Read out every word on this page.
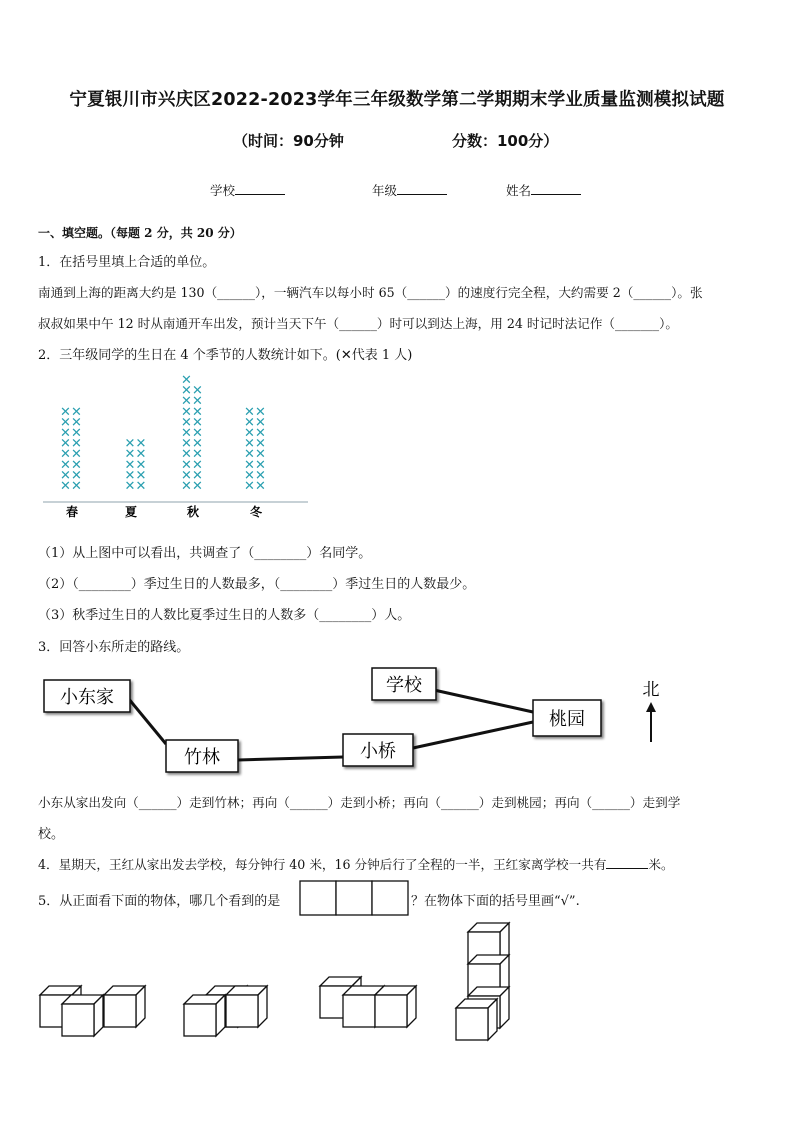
宁夏银川市兴庆区2022-2023学年三年级数学第二学期期末学业质量监测模拟试题
（时间：90分钟	分数：100分）
学校	年级	姓名
一、填空题。（每题 2 分，共 20 分）
1．在括号里填上合适的单位。
南通到上海的距离大约是 130（______），一辆汽车以每小时 65（______）的速度行完全程，大约需要 2（______）。张
叔叔如果中午 12 时从南通开车出发，预计当天下午（______）时可以到达上海，用 24 时记时法记作（_______）。
2．三年级同学的生日在 4 个季节的人数统计如下。(✕代表 1 人)
✕
✕
✕
✕
✕
✕
✕
✕
✕
✕
✕
✕
✕
✕
✕
✕
✕
✕
✕
✕
✕
✕
✕
✕
✕
✕
✕
✕
✕
✕
✕
✕
✕
✕
✕
✕
✕
✕
✕
✕
✕
✕
✕
✕
✕
✕
✕
✕
✕
✕
✕
✕
✕
✕
✕
✕
✕
✕
✕
✕
✕
✕
✕
春	夏	秋	冬
（1）从上图中可以看出，共调查了（________）名同学。
（2）（________）季过生日的人数最多，（________）季过生日的人数最少。
（3）秋季过生日的人数比夏季过生日的人数多（________）人。
3．回答小东所走的路线。
小东家
竹林	小桥
学校
桃园
北
小东从家出发向（______）走到竹林；再向（______）走到小桥；再向（______）走到桃园；再向（______）走到学
校。
4．星期天，王红从家出发去学校，每分钟行 40 米，16 分钟后行了全程的一半，王红家离学校一共有	米。
5．从正面看下面的物体，哪几个看到的是	？在物体下面的括号里画“√”.
